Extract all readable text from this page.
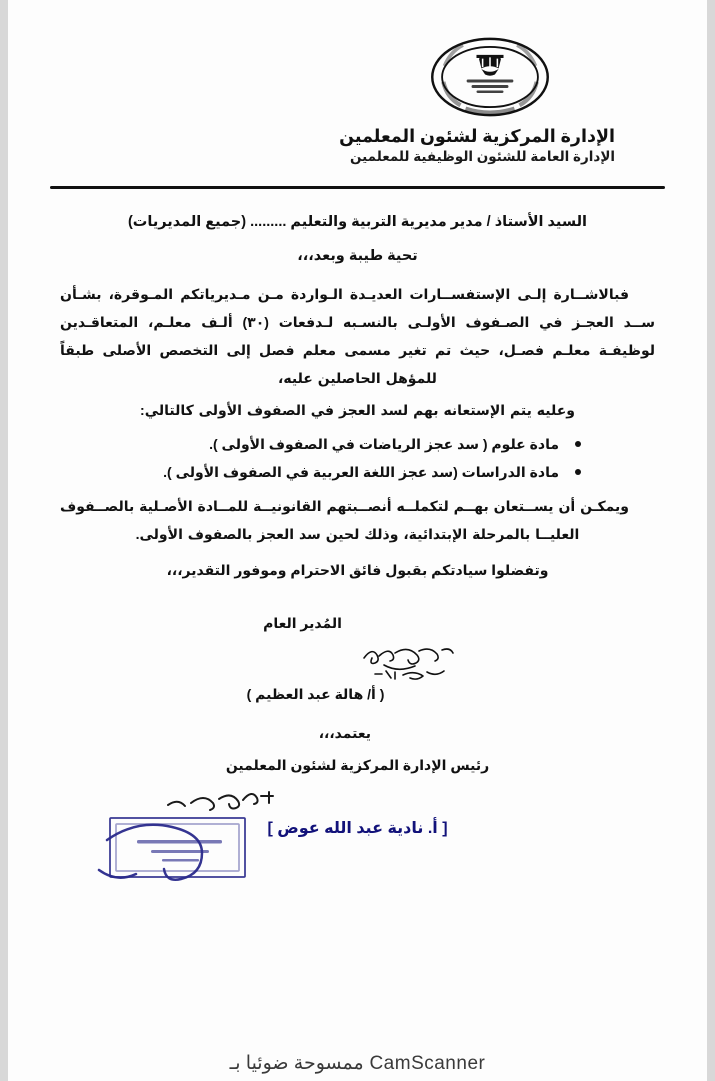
الإدارة المركزية لشئون المعلمين
الإدارة العامة للشئون الوظيفية للمعلمين
السيد الأستاذ / مدير مديرية التربية والتعليم ......... (جميع المديريات)
تحية طيبة وبعد،،،

فبالاشــارة إلـى الإستفســارات العديـدة الـواردة مـن مـديرياتكم المـوقرة، بشـأن ســد العجـز في الصـفوف الأولـى بالنسـبه لـدفعات (٣٠) ألـف معلـم، المتعاقـدين لوظيفـة معلـم فصـل، حيث تم تغير مسمى معلم فصل إلى التخصص الأصلى طبقاً للمؤهل الحاصلين عليه،

وعليه يتم الإستعانه بهم لسد العجز في الصفوف الأولى كالتالي:

مادة علوم ( سد عجز الرياضات في الصفوف الأولى ).
مادة الدراسات (سد عجز اللغة العربية في الصفوف الأولى ).

ويمكـن أن يســتعان بهــم لتكملــه أنصــبتهم القانونيــة للمــادة الأصـلية بالصــفوف العليــا بالمرحلة الإبتدائية، وذلك لحين سد العجز بالصفوف الأولى.

وتفضلوا سيادتكم بقبول فائق الاحترام وموفور التقدير،،،
المُدير العام
( أ/ هالة عبد العظيم )
يعتمد،،،
رئيس الإدارة المركزية لشئون المعلمين
[ أ. نادية عبد الله عوض ]
CamScanner ممسوحة ضوئيا بـ
